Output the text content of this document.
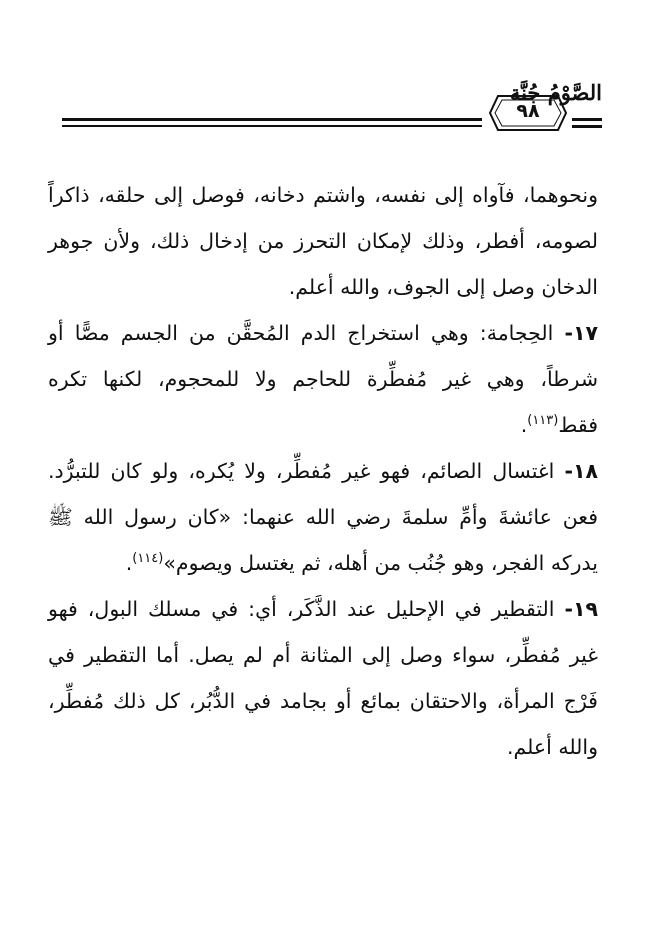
الصَّوْمُ جُنَّة
٩٨

ونحوهما، فآواه إلى نفسه، واشتم دخانه، فوصل إلى حلقه، ذاكراً لصومه، أفطر، وذلك لإمكان التحرز من إدخال ذلك، ولأن جوهر الدخان وصل إلى الجوف، والله أعلم.

١٧- الحِجامة: وهي استخراج الدم المُحقَّن من الجسم مصًّا أو شرطاً، وهي غير مُفطِّرة للحاجم ولا للمحجوم، لكنها تكره فقط$^{(١١٣)}$.

١٨- اغتسال الصائم، فهو غير مُفطِّر، ولا يُكره، ولو كان للتبرُّد. فعن عائشةَ وأمِّ سلمةَ رضي الله عنهما: «كان رسول الله ﷺ يدركه الفجر، وهو جُنُب من أهله، ثم يغتسل ويصوم»$^{(١١٤)}$.

١٩- التقطير في الإحليل عند الذَّكَر، أي: في مسلك البول، فهو غير مُفطِّر، سواء وصل إلى المثانة أم لم يصل. أما التقطير في فَرْج المرأة، والاحتقان بمائع أو بجامد في الدُّبُر، كل ذلك مُفطِّر، والله أعلم.
